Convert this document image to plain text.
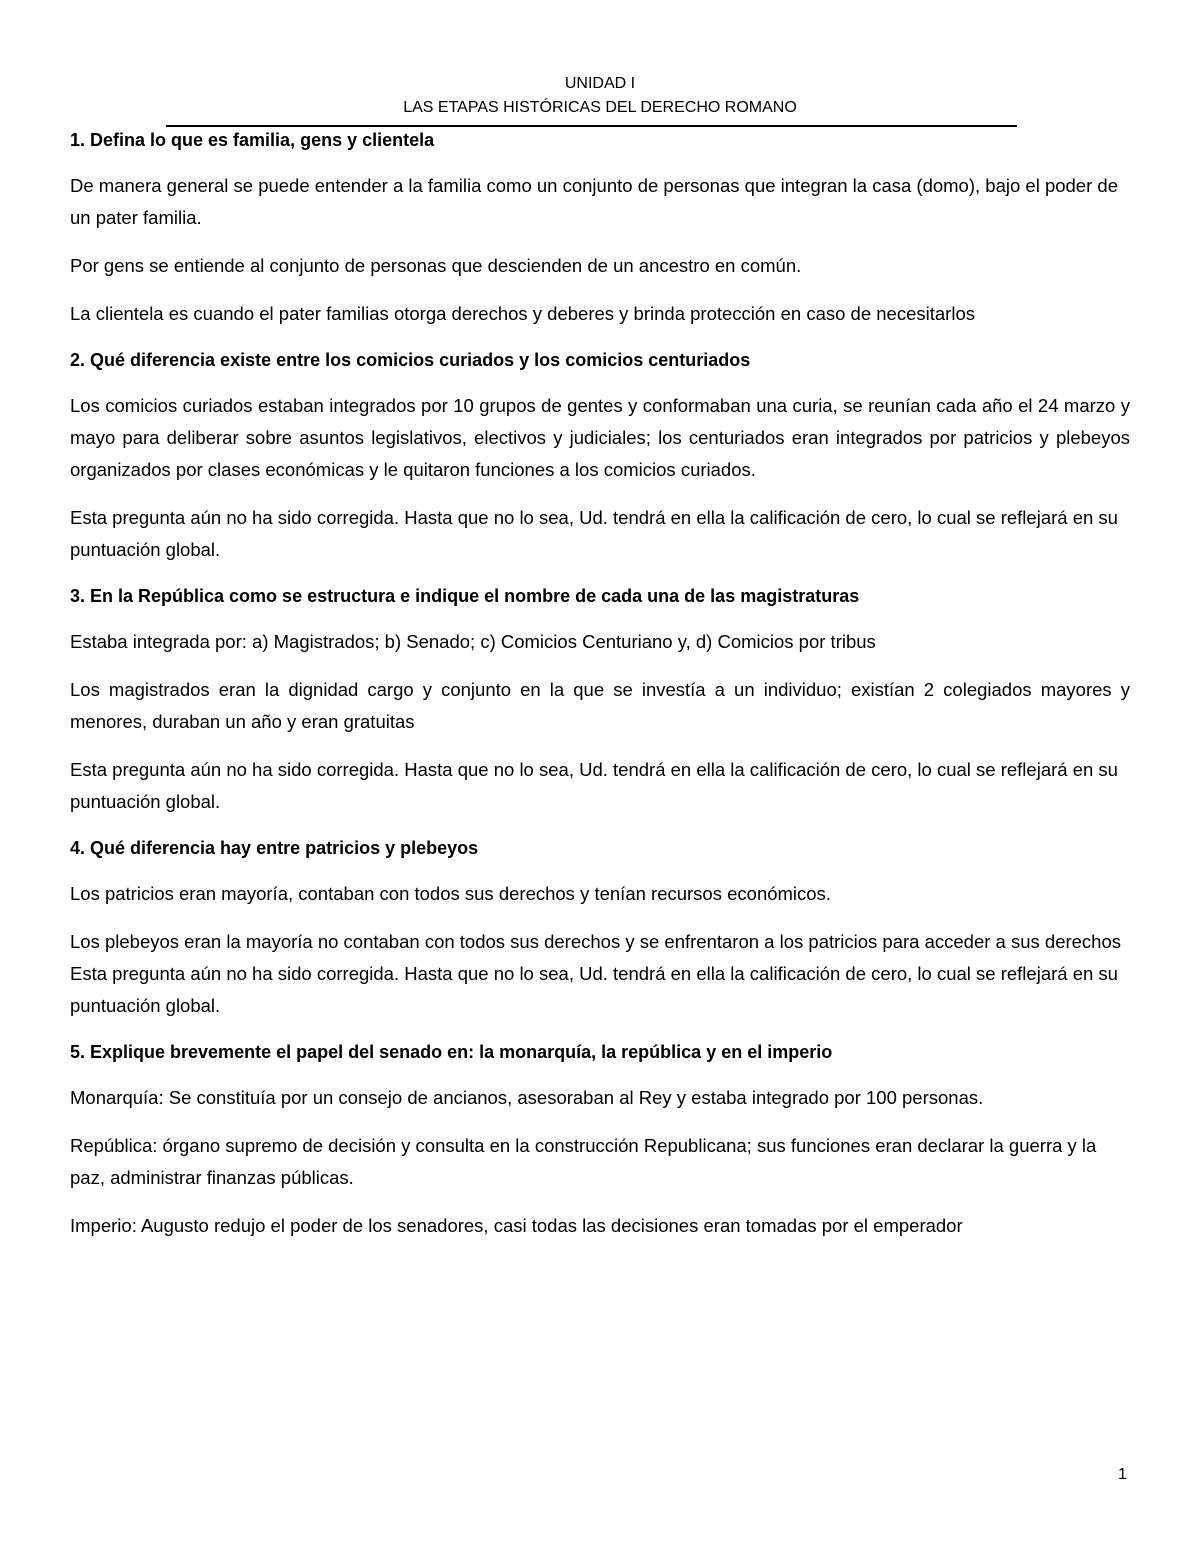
UNIDAD I
LAS ETAPAS HISTÓRICAS DEL DERECHO ROMANO

1. Defina lo que es familia, gens y clientela

De manera general se puede entender a la familia como un conjunto de personas que integran la casa (domo), bajo el poder de un pater familia.

Por gens se entiende al conjunto de personas que descienden de un ancestro en común.

La clientela es cuando el pater familias otorga derechos y deberes y brinda protección en caso de necesitarlos

2. Qué diferencia existe entre los comicios curiados y los comicios centuriados

Los comicios curiados estaban integrados por 10 grupos de gentes y conformaban una curia, se reunían cada año el 24 marzo y mayo para deliberar sobre asuntos legislativos, electivos y judiciales; los centuriados eran integrados por patricios y plebeyos organizados por clases económicas y le quitaron funciones a los comicios curiados.

Esta pregunta aún no ha sido corregida. Hasta que no lo sea, Ud. tendrá en ella la calificación de cero, lo cual se reflejará en su puntuación global.

3. En la República como se estructura e indique el nombre de cada una de las magistraturas

Estaba integrada por: a) Magistrados; b) Senado; c) Comicios Centuriano y, d) Comicios por tribus

Los magistrados eran la dignidad cargo y conjunto en la que se investía a un individuo; existían 2 colegiados mayores y menores, duraban un año y eran gratuitas

Esta pregunta aún no ha sido corregida. Hasta que no lo sea, Ud. tendrá en ella la calificación de cero, lo cual se reflejará en su puntuación global.

4. Qué diferencia hay entre patricios y plebeyos

Los patricios eran mayoría, contaban con todos sus derechos y tenían recursos económicos.

Los plebeyos eran la mayoría no contaban con todos sus derechos y se enfrentaron a los patricios para acceder a sus derechos

Esta pregunta aún no ha sido corregida. Hasta que no lo sea, Ud. tendrá en ella la calificación de cero, lo cual se reflejará en su puntuación global.

5. Explique brevemente el papel del senado en: la monarquía, la república y en el imperio

Monarquía: Se constituía por un consejo de ancianos, asesoraban al Rey y estaba integrado por 100 personas.

República: órgano supremo de decisión y consulta en la construcción Republicana; sus funciones eran declarar la guerra y la paz, administrar finanzas públicas.

Imperio: Augusto redujo el poder de los senadores, casi todas las decisiones eran tomadas por el emperador

1
